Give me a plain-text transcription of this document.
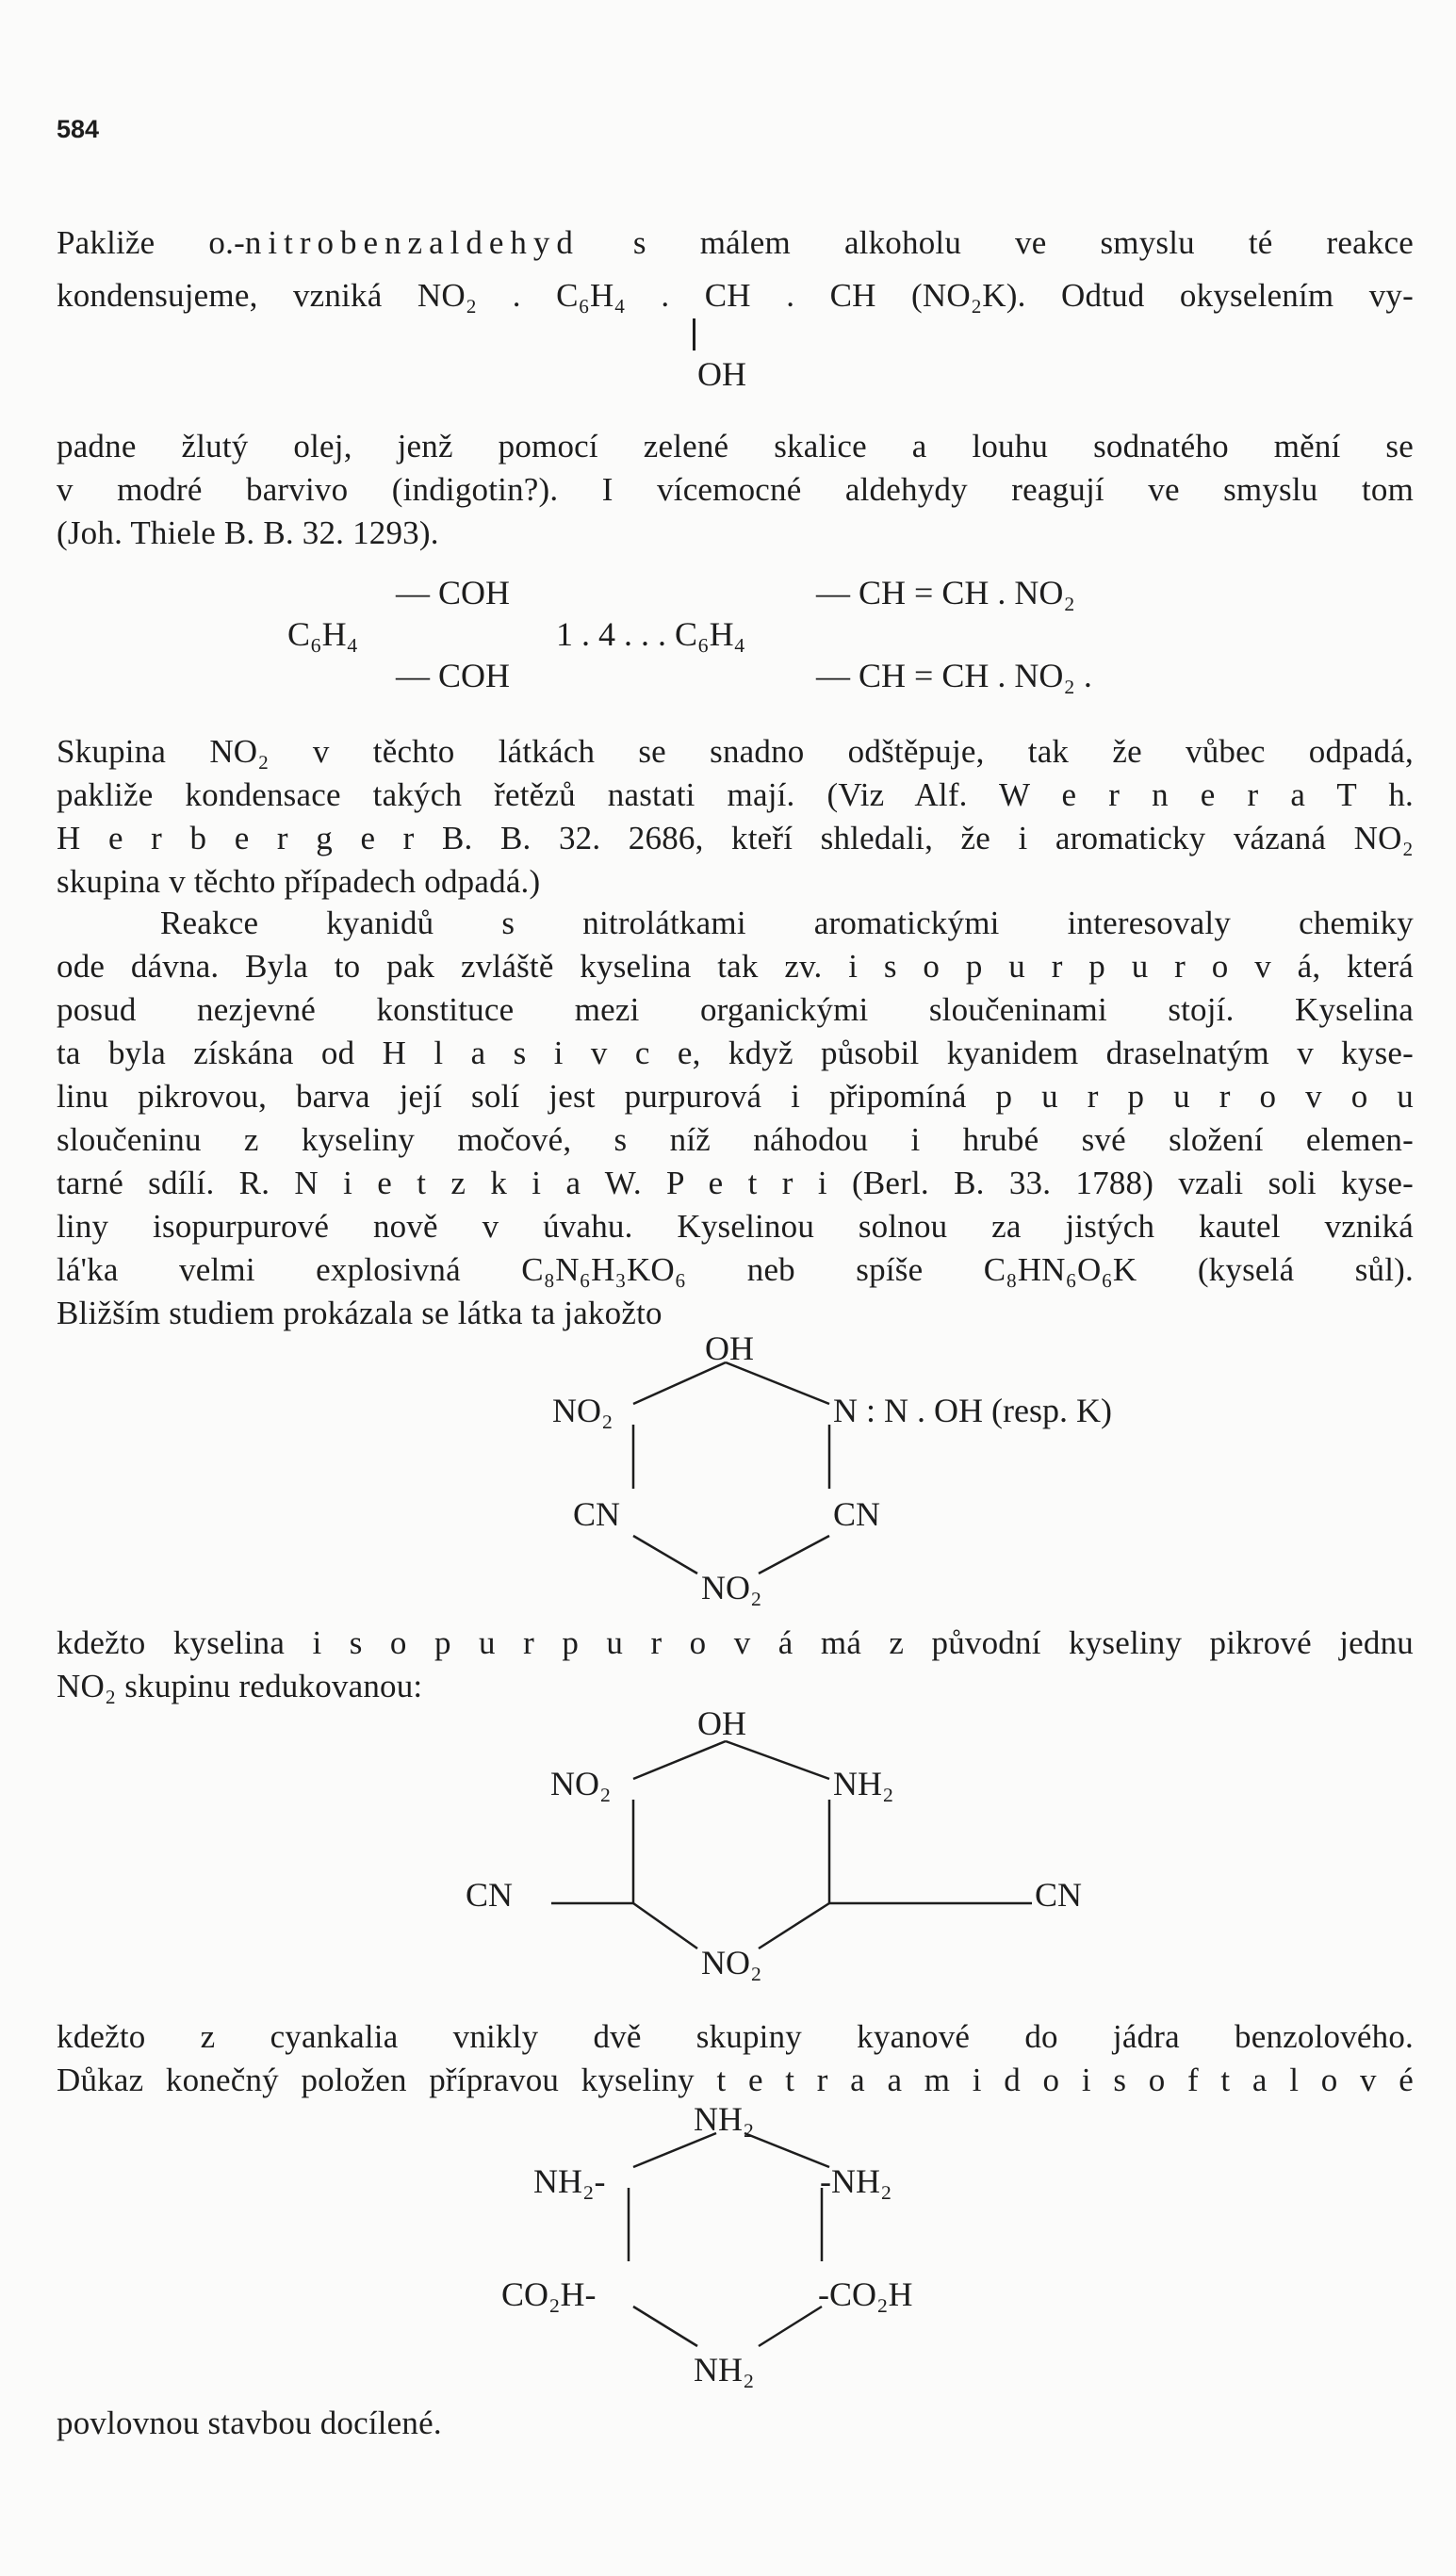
584
Pakliže o.-nitrobenzaldehyd s málem alkoholu ve smyslu té reakce
kondensujeme, vzniká NO₂ . C₆H₄ . CH . CH (NO₂K). Odtud okyselením vy-
OH
padne žlutý olej, jenž pomocí zelené skalice a louhu sodnatého mění se
v modré barvivo (indigotin?). I vícemocné aldehydy reagují ve smyslu tom
(Joh. Thiele B. B. 32. 1293).
— COH
C₆H₄
— COH
1 . 4 . . . C₆H₄
— CH = CH . NO₂
— CH = CH . NO₂ .
Skupina NO₂ v těchto látkách se snadno odštěpuje, tak že vůbec odpadá,
pakliže kondensace takých řetězů nastati mají. (Viz Alf. W e r n e r a T h.
H e r b e r g e r B. B. 32. 2686, kteří shledali, že i aromaticky vázaná NO₂
skupina v těchto případech odpadá.)
Reakce kyanidů s nitrolátkami aromatickými interesovaly chemiky
ode dávna. Byla to pak zvláště kyselina tak zv. i s o p u r p u r o v á, která
posud nezjevné konstituce mezi organickými sloučeninami stojí. Kyselina
ta byla získána od H l a s i v c e, když působil kyanidem draselnatým v kyse-
linu pikrovou, barva její solí jest purpurová i připomíná p u r p u r o v o u
sloučeninu z kyseliny močové, s níž náhodou i hrubé své složení elemen-
tarné sdílí. R. N i e t z k i a W. P e t r i (Berl. B. 33. 1788) vzali soli kyse-
liny isopurpurové nově v úvahu. Kyselinou solnou za jistých kautel vzniká
lá'ka velmi explosivná C₈N₆H₃KO₆ neb spíše C₈HN₆O₆K (kyselá sůl).
Bližším studiem prokázala se látka ta jakožto
OH
NO₂	N : N . OH (resp. K)
CN	CN
NO₂
kdežto kyselina i s o p u r p u r o v á má z původní kyseliny pikrové jednu
NO₂ skupinu redukovanou:
OH
NO₂	NH₂
CN	CN
NO₂
kdežto z cyankalia vnikly dvě skupiny kyanové do jádra benzolového.
Důkaz konečný položen přípravou kyseliny t e t r a a m i d o i s o f t a l o v é
NH₂
NH₂-	-NH₂
CO₂H-	-CO₂H
NH₂
povlovnou stavbou docílené.
